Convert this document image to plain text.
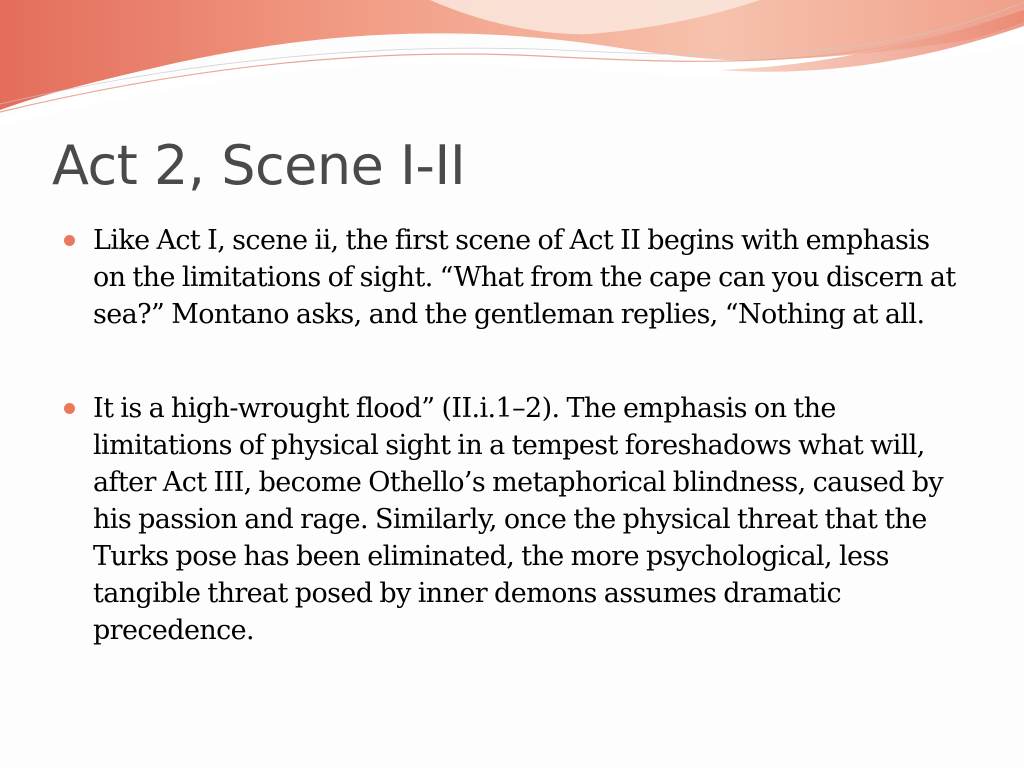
Act 2, Scene I-II
Like Act I, scene ii, the first scene of Act II begins with emphasis on the limitations of sight. “What from the cape can you discern at sea?” Montano asks, and the gentleman replies, “Nothing at all.
It is a high-wrought flood” (II.i.1–2). The emphasis on the limitations of physical sight in a tempest foreshadows what will, after Act III, become Othello’s metaphorical blindness, caused by his passion and rage. Similarly, once the physical threat that the Turks pose has been eliminated, the more psychological, less tangible threat posed by inner demons assumes dramatic precedence.
